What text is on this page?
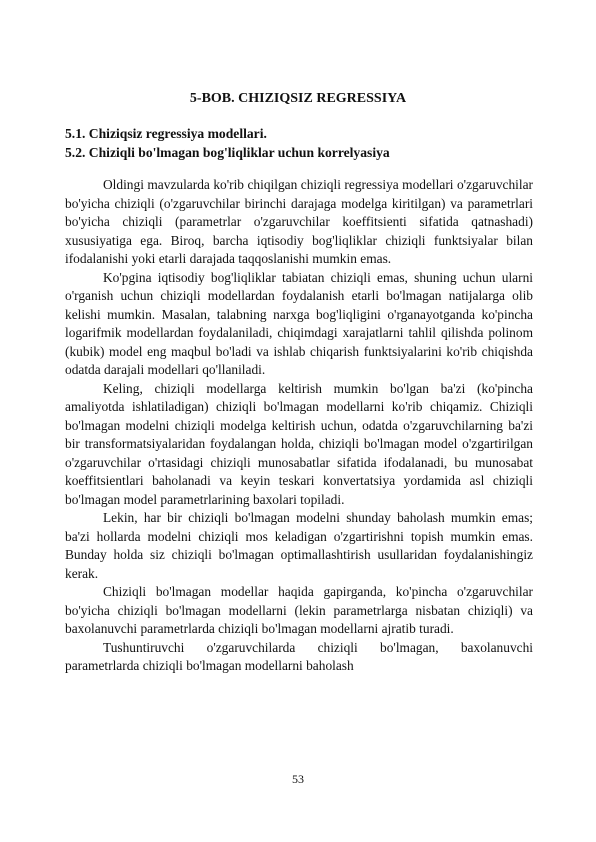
5-BOB. CHIZIQSIZ REGRESSIYA

5.1. Chiziqsiz regressiya modellari.

5.2. Chiziqli bo'lmagan bog'liqliklar uchun korrelyasiya

Oldingi mavzularda ko'rib chiqilgan chiziqli regressiya modellari o'zgaruvchilar bo'yicha chiziqli (o'zgaruvchilar birinchi darajaga modelga kiritilgan) va parametrlari bo'yicha chiziqli (parametrlar o'zgaruvchilar koeffitsienti sifatida qatnashadi) xususiyatiga ega. Biroq, barcha iqtisodiy bog'liqliklar chiziqli funktsiyalar bilan ifodalanishi yoki etarli darajada taqqoslanishi mumkin emas.

Ko'pgina iqtisodiy bog'liqliklar tabiatan chiziqli emas, shuning uchun ularni o'rganish uchun chiziqli modellardan foydalanish etarli bo'lmagan natijalarga olib kelishi mumkin. Masalan, talabning narxga bog'liqligini o'rganayotganda ko'pincha logarifmik modellardan foydalaniladi, chiqimdagi xarajatlarni tahlil qilishda polinom (kubik) model eng maqbul bo'ladi va ishlab chiqarish funktsiyalarini ko'rib chiqishda odatda darajali modellari qo'llaniladi.

Keling, chiziqli modellarga keltirish mumkin bo'lgan ba'zi (ko'pincha amaliyotda ishlatiladigan) chiziqli bo'lmagan modellarni ko'rib chiqamiz. Chiziqli bo'lmagan modelni chiziqli modelga keltirish uchun, odatda o'zgaruvchilarning ba'zi bir transformatsiyalaridan foydalangan holda, chiziqli bo'lmagan model o'zgartirilgan o'zgaruvchilar o'rtasidagi chiziqli munosabatlar sifatida ifodalanadi, bu munosabat koeffitsientlari baholanadi va keyin teskari konvertatsiya yordamida asl chiziqli bo'lmagan model parametrlarining baxolari topiladi.

Lekin, har bir chiziqli bo'lmagan modelni shunday baholash mumkin emas; ba'zi hollarda modelni chiziqli mos keladigan o'zgartirishni topish mumkin emas. Bunday holda siz chiziqli bo'lmagan optimallashtirish usullaridan foydalanishingiz kerak.

Chiziqli bo'lmagan modellar haqida gapirganda, ko'pincha o'zgaruvchilar bo'yicha chiziqli bo'lmagan modellarni (lekin parametrlarga nisbatan chiziqli) va baxolanuvchi parametrlarda chiziqli bo'lmagan modellarni ajratib turadi.

Tushuntiruvchi o'zgaruvchilarda chiziqli bo'lmagan, baxolanuvchi parametrlarda chiziqli bo'lmagan modellarni baholash

53
